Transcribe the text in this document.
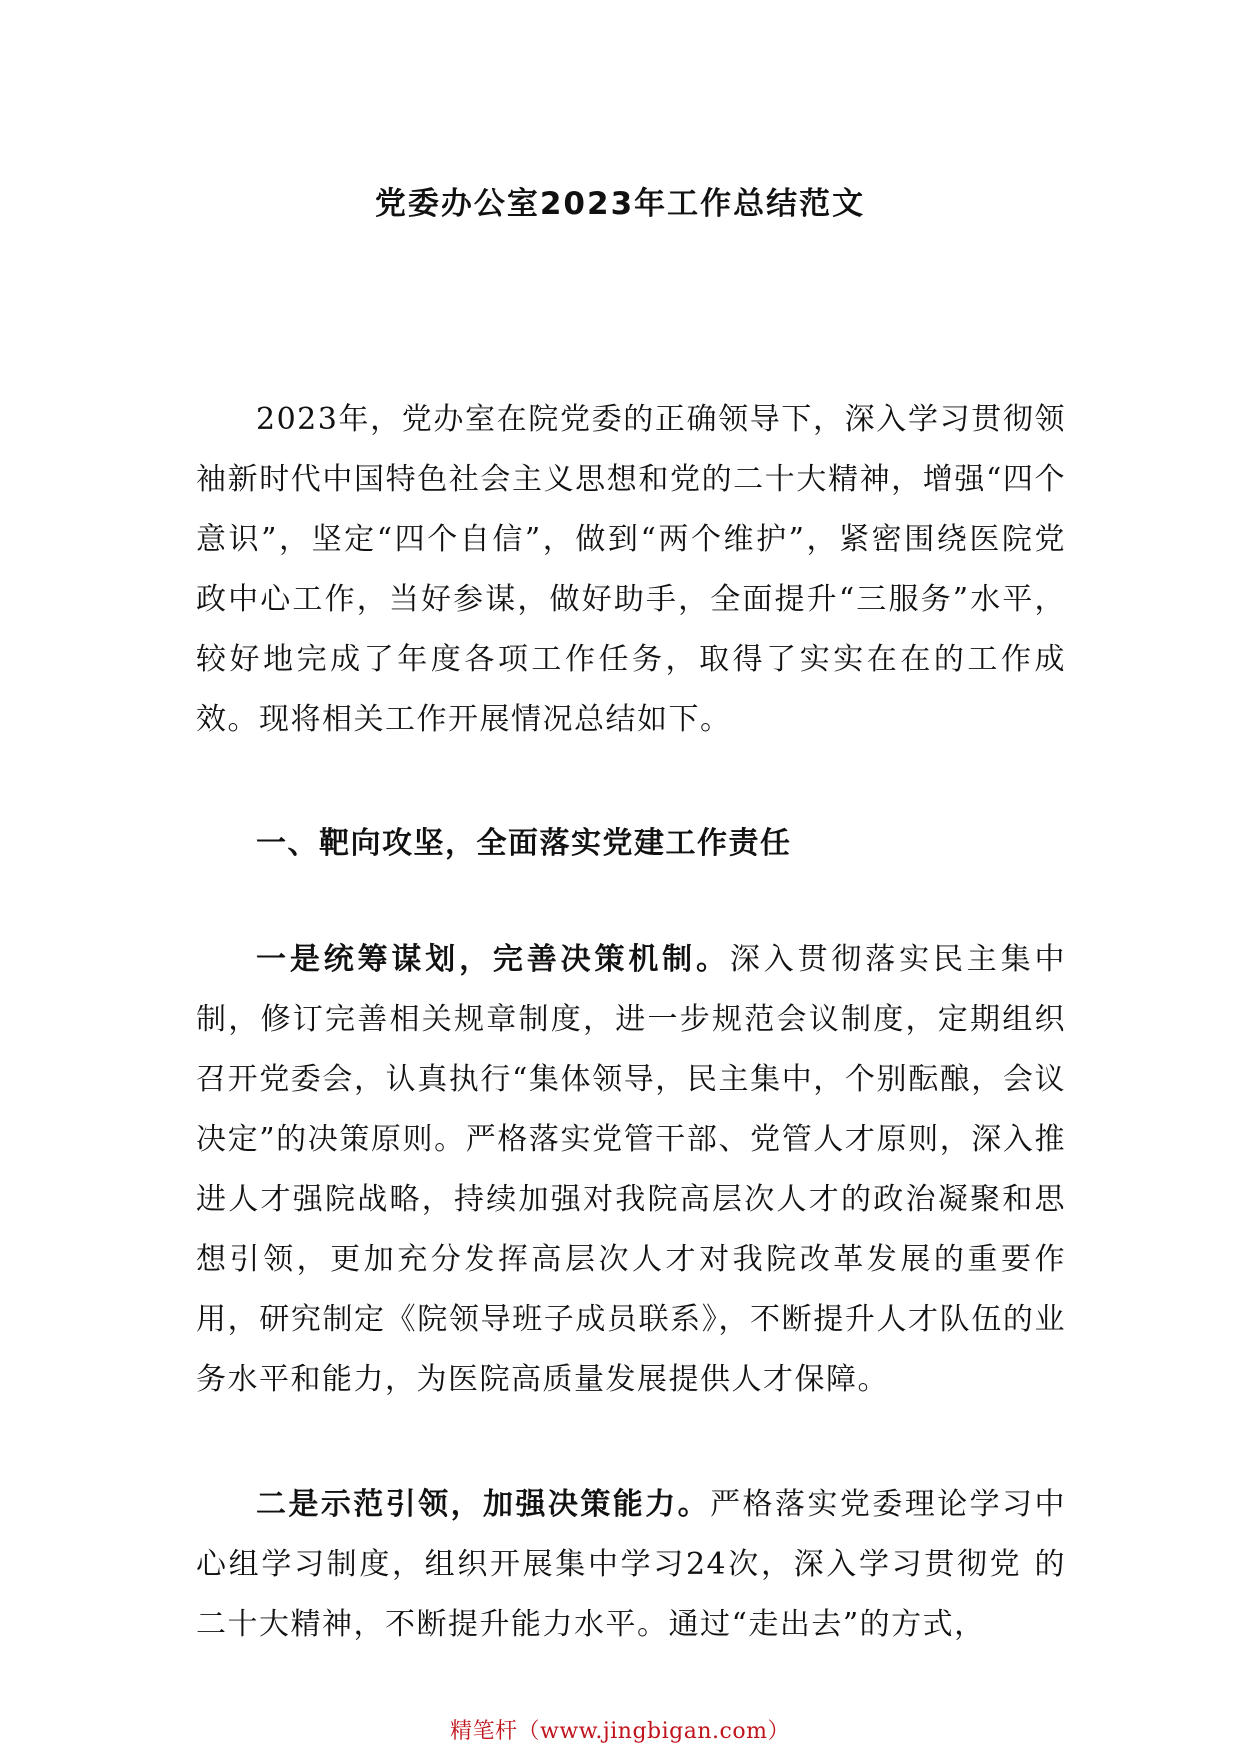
党委办公室2023年工作总结范文

2023年，党办室在院党委的正确领导下，深入学习贯彻领袖新时代中国特色社会主义思想和党的二十大精神，增强“四个意识”，坚定“四个自信”，做到“两个维护”，紧密围绕医院党政中心工作，当好参谋，做好助手，全面提升“三服务”水平，较好地完成了年度各项工作任务，取得了实实在在的工作成效。现将相关工作开展情况总结如下。

一、靶向攻坚，全面落实党建工作责任

一是统筹谋划，完善决策机制。深入贯彻落实民主集中制，修订完善相关规章制度，进一步规范会议制度，定期组织召开党委会，认真执行“集体领导，民主集中，个别酝酿，会议决定”的决策原则。严格落实党管干部、党管人才原则，深入推进人才强院战略，持续加强对我院高层次人才的政治凝聚和思想引领，更加充分发挥高层次人才对我院改革发展的重要作用，研究制定《院领导班子成员联系》，不断提升人才队伍的业务水平和能力，为医院高质量发展提供人才保障。

二是示范引领，加强决策能力。严格落实党委理论学习中心组学习制度，组织开展集中学习24次，深入学习贯彻党 的二十大精神，不断提升能力水平。通过“走出去”的方式，

精笔杆（www.jingbigan.com）
